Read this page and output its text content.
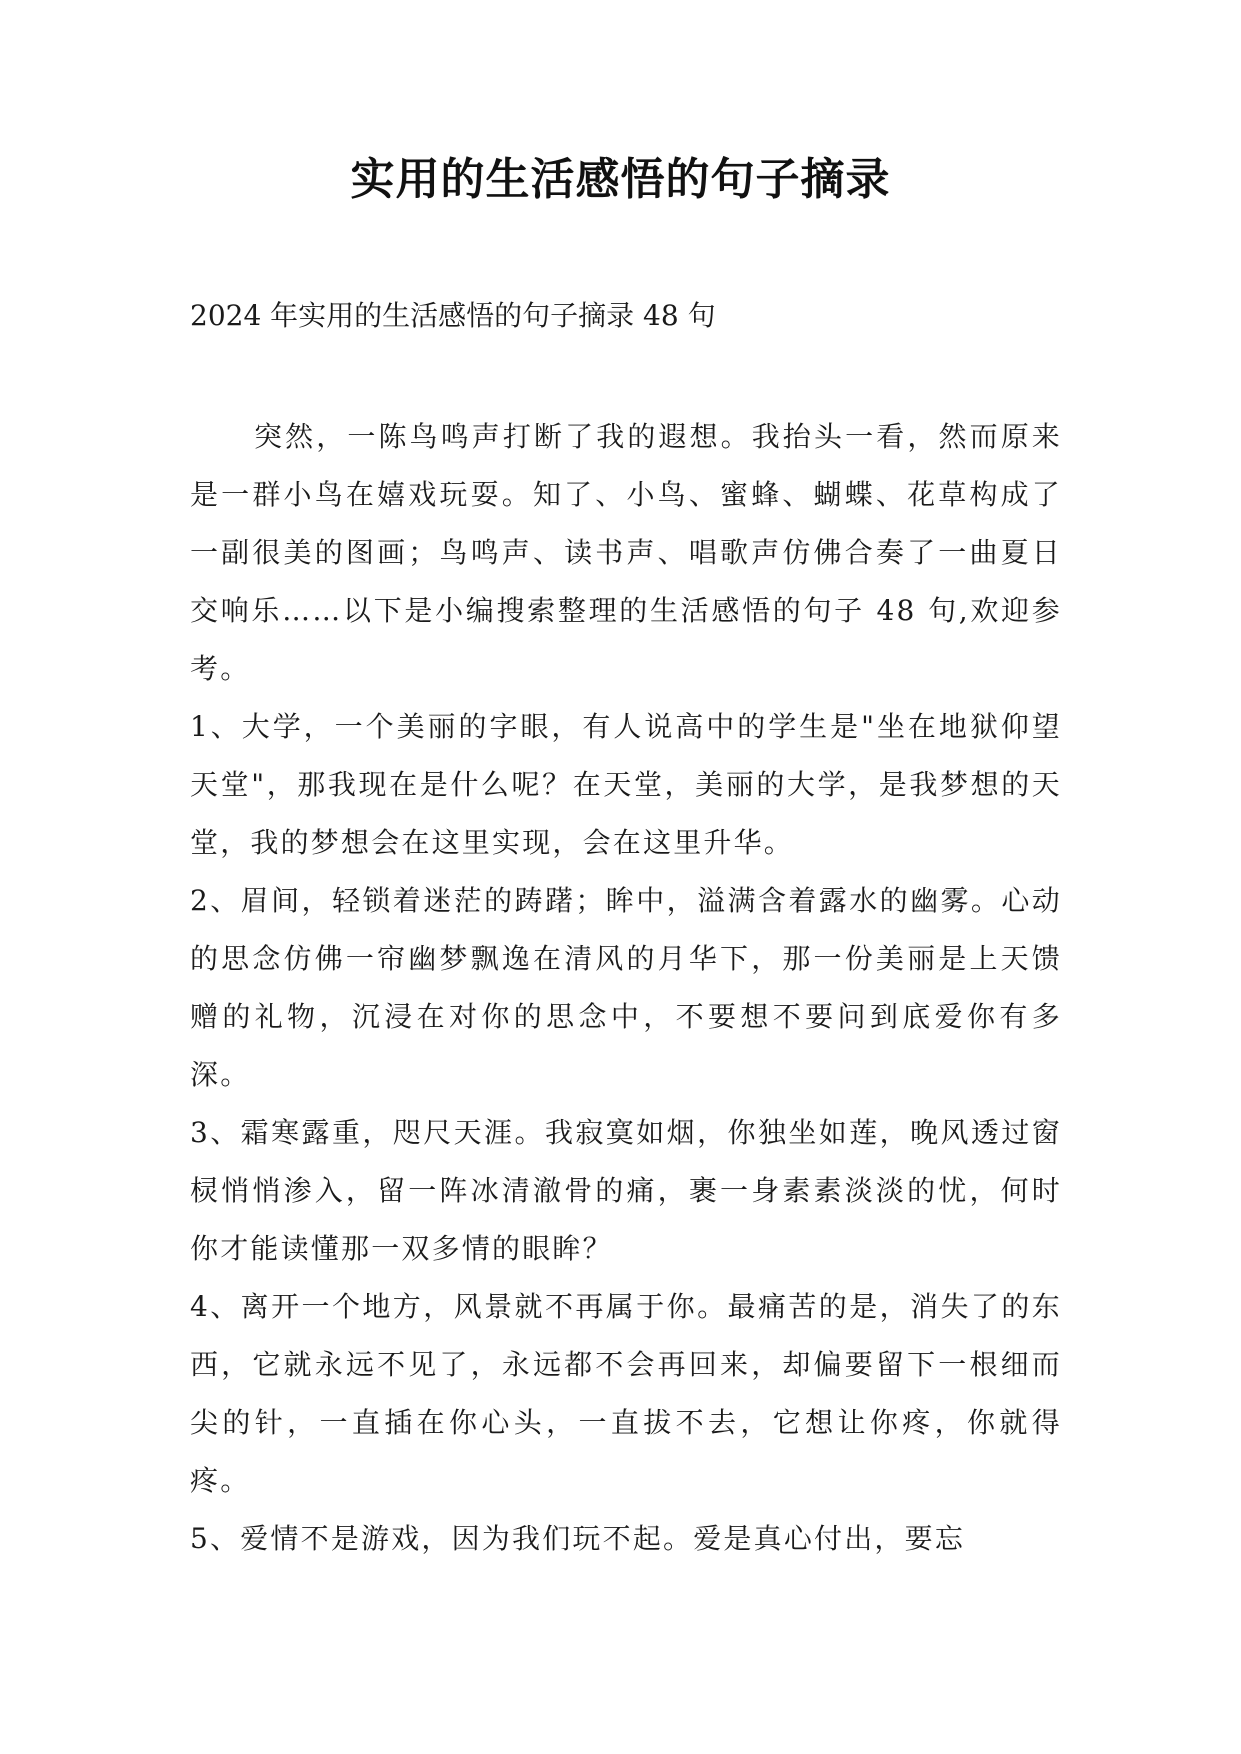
实用的生活感悟的句子摘录
2024 年实用的生活感悟的句子摘录 48 句

突然，一陈鸟鸣声打断了我的遐想。我抬头一看，然而原来是一群小鸟在嬉戏玩耍。知了、小鸟、蜜蜂、蝴蝶、花草构成了一副很美的图画；鸟鸣声、读书声、唱歌声仿佛合奏了一曲夏日交响乐……以下是小编搜索整理的生活感悟的句子 48 句,欢迎参考。

1、大学，一个美丽的字眼，有人说高中的学生是"坐在地狱仰望天堂"，那我现在是什么呢？在天堂，美丽的大学，是我梦想的天堂，我的梦想会在这里实现，会在这里升华。

2、眉间，轻锁着迷茫的踌躇；眸中，溢满含着露水的幽雾。心动的思念仿佛一帘幽梦飘逸在清风的月华下，那一份美丽是上天馈赠的礼物，沉浸在对你的思念中，不要想不要问到底爱你有多深。

3、霜寒露重，咫尺天涯。我寂寞如烟，你独坐如莲，晚风透过窗棂悄悄渗入，留一阵冰清澈骨的痛，裹一身素素淡淡的忧，何时你才能读懂那一双多情的眼眸？

4、离开一个地方，风景就不再属于你。最痛苦的是，消失了的东西，它就永远不见了，永远都不会再回来，却偏要留下一根细而尖的针，一直插在你心头，一直拔不去，它想让你疼，你就得疼。

5、爱情不是游戏，因为我们玩不起。爱是真心付出，要忘
